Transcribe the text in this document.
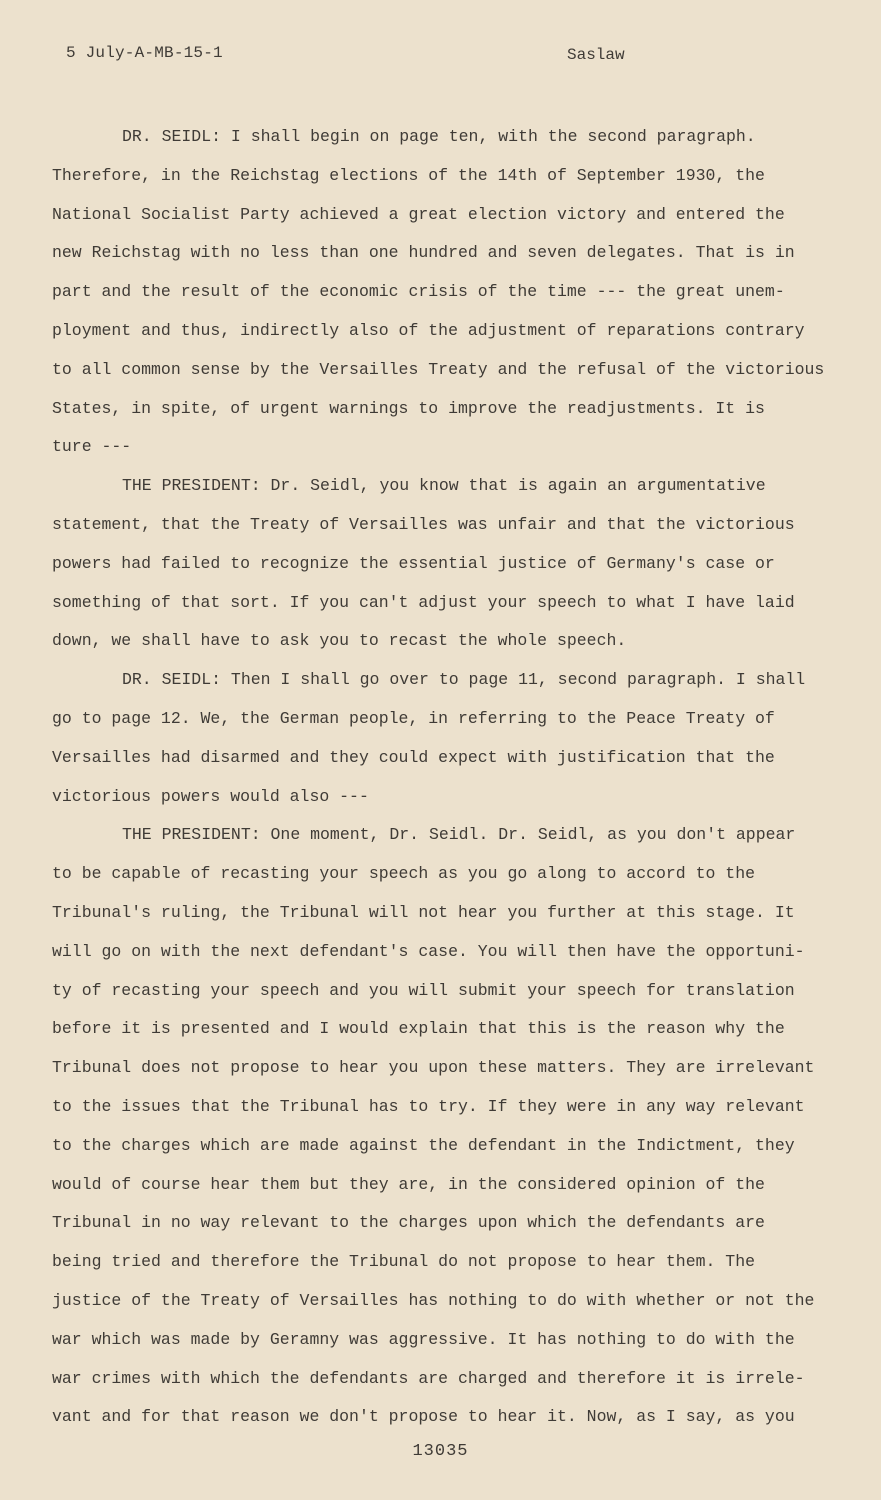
5 July-A-MB-15-1	Saslaw
DR. SEIDL: I shall begin on page ten, with the second paragraph.
Therefore, in the Reichstag elections of the 14th of September 1930, the
National Socialist Party achieved a great election victory and entered the
new Reichstag with no less than one hundred and seven delegates. That is in
part and the result of the economic crisis of the time --- the great unem-
ployment and thus, indirectly also of the adjustment of reparations contrary
to all common sense by the Versailles Treaty and the refusal of the victorious
States, in spite, of urgent warnings to improve the readjustments. It is
ture ---
THE PRESIDENT: Dr. Seidl, you know that is again an argumentative
statement, that the Treaty of Versailles was unfair and that the victorious
powers had failed to recognize the essential justice of Germany's case or
something of that sort. If you can't adjust your speech to what I have laid
down, we shall have to ask you to recast the whole speech.
DR. SEIDL: Then I shall go over to page 11, second paragraph. I shall
go to page 12. We, the German people, in referring to the Peace Treaty of
Versailles had disarmed and they could expect with justification that the
victorious powers would also ---
THE PRESIDENT: One moment, Dr. Seidl. Dr. Seidl, as you don't appear
to be capable of recasting your speech as you go along to accord to the
Tribunal's ruling, the Tribunal will not hear you further at this stage. It
will go on with the next defendant's case. You will then have the opportuni-
ty of recasting your speech and you will submit your speech for translation
before it is presented and I would explain that this is the reason why the
Tribunal does not propose to hear you upon these matters. They are irrelevant
to the issues that the Tribunal has to try. If they were in any way relevant
to the charges which are made against the defendant in the Indictment, they
would of course hear them but they are, in the considered opinion of the
Tribunal in no way relevant to the charges upon which the defendants are
being tried and therefore the Tribunal do not propose to hear them. The
justice of the Treaty of Versailles has nothing to do with whether or not the
war which was made by Geramny was aggressive. It has nothing to do with the
war crimes with which the defendants are charged and therefore it is irrele-
vant and for that reason we don't propose to hear it. Now, as I say, as you
13035
